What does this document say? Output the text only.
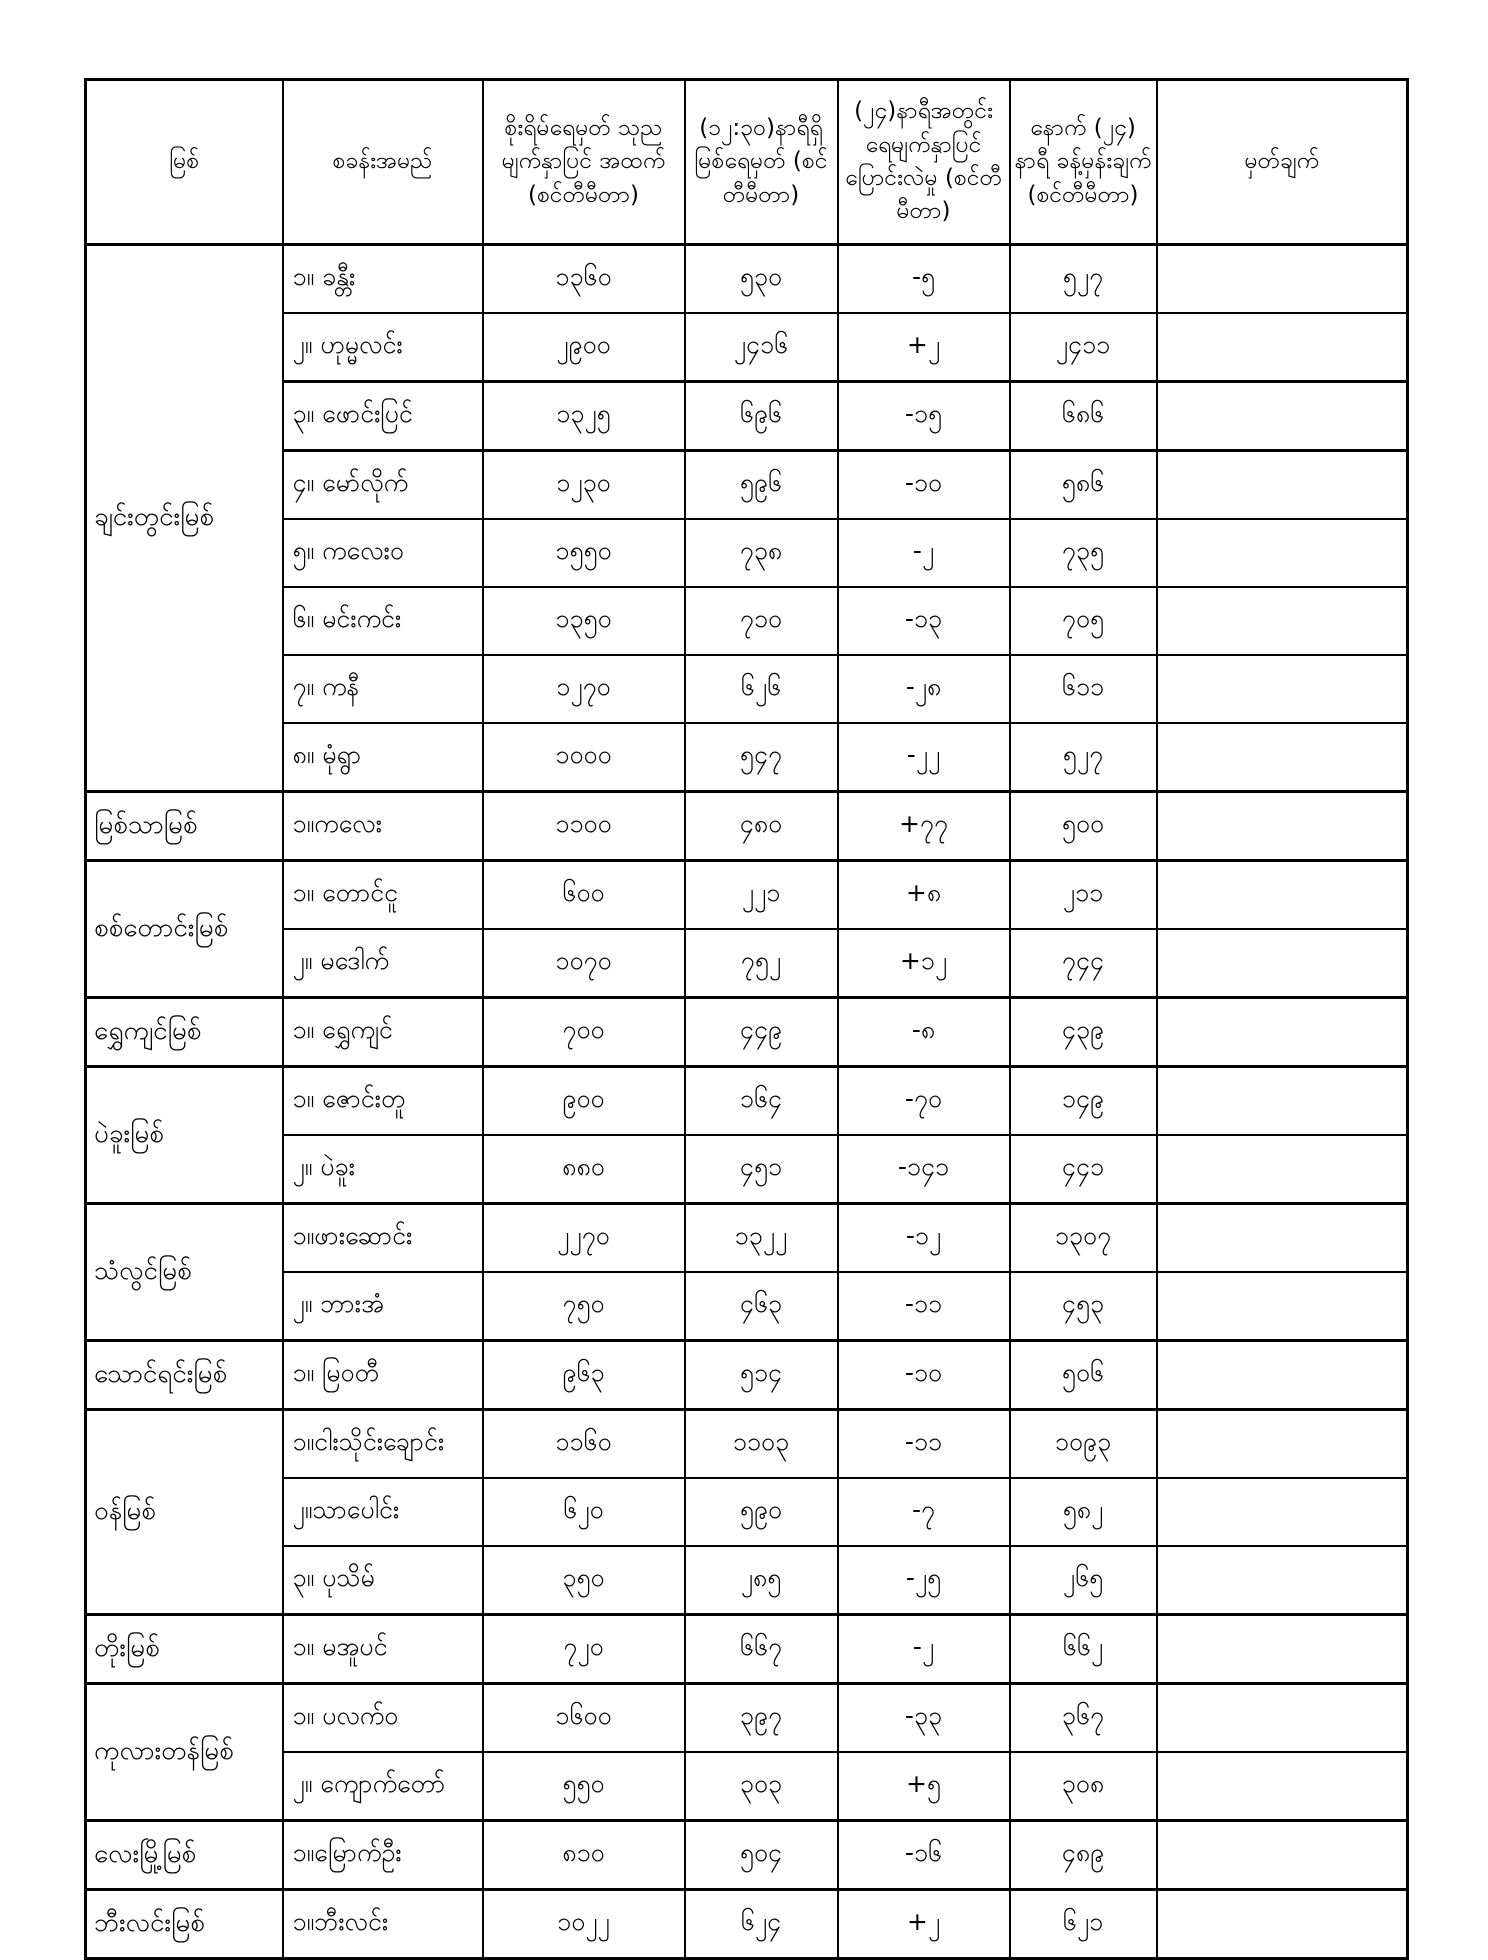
မြစ်	စခန်းအမည်	စိုးရိမ်ရေမှတ် သုညမျက်နှာပြင် အထက် (စင်တီမီတာ)	(၁၂:၃၀)နာရီရှိ မြစ်ရေမှတ် (စင်တီမီတာ)	(၂၄)နာရီအတွင်း ရေမျက်နှာပြင် ပြောင်းလဲမှု (စင်တီမီတာ)	နောက် (၂၄) နာရီ ခန့်မှန်းချက် (စင်တီမီတာ)	မှတ်ချက်
ချင်းတွင်းမြစ်	၁။ ခန္တီး	၁၃၆၀	၅၃၀	-၅	၅၂၇	
	၂။ ဟုမ္မလင်း	၂၉၀၀	၂၄၁၆	+၂	၂၄၁၁	
	၃။ ဖောင်းပြင်	၁၃၂၅	၆၉၆	-၁၅	၆၈၆	
	၄။ မော်လိုက်	၁၂၃၀	၅၉၆	-၁၀	၅၈၆	
	၅။ ကလေးဝ	၁၅၅၀	၇၃၈	-၂	၇၃၅	
	၆။ မင်းကင်း	၁၃၅၀	၇၁၀	-၁၃	၇၀၅	
	၇။ ကနီ	၁၂၇၀	၆၂၆	-၂၈	၆၁၁	
	၈။ မုံရွာ	၁၀၀၀	၅၄၇	-၂၂	၅၂၇	
မြစ်သာမြစ်	၁။ကလေး	၁၁၀၀	၄၈၀	+၇၇	၅၀၀	
စစ်တောင်းမြစ်	၁။ တောင်ငူ	၆၀၀	၂၂၁	+၈	၂၁၁	
	၂။ မဒေါက်	၁၀၇၀	၇၅၂	+၁၂	၇၄၄	
ရွှေကျင်မြစ်	၁။ ရွှေကျင်	၇၀၀	၄၄၉	-၈	၄၃၉	
ပဲခူးမြစ်	၁။ ဇောင်းတူ	၉၀၀	၁၆၄	-၇၀	၁၄၉	
	၂။ ပဲခူး	၈၈၀	၄၅၁	-၁၄၁	၄၄၁	
သံလွင်မြစ်	၁။ဖားဆောင်း	၂၂၇၀	၁၃၂၂	-၁၂	၁၃၀၇	
	၂။ ဘားအံ	၇၅၀	၄၆၃	-၁၁	၄၅၃	
သောင်ရင်းမြစ်	၁။ မြဝတီ	၉၆၃	၅၁၄	-၁၀	၅၀၆	
ဝန်မြစ်	၁။ငါးသိုင်းချောင်း	၁၁၆၀	၁၁၀၃	-၁၁	၁၀၉၃	
	၂။သာပေါင်း	၆၂၀	၅၉၀	-၇	၅၈၂	
	၃။ ပုသိမ်	၃၅၀	၂၈၅	-၂၅	၂၆၅	
တိုးမြစ်	၁။ မအူပင်	၇၂၀	၆၆၇	-၂	၆၆၂	
ကုလားတန်မြစ်	၁။ ပလက်ဝ	၁၆၀၀	၃၉၇	-၃၃	၃၆၇	
	၂။ ကျောက်တော်	၅၅၀	၃၀၃	+၅	၃၀၈	
လေးမြို့မြစ်	၁။မြောက်ဦး	၈၁၀	၅၀၄	-၁၆	၄၈၉	
ဘီးလင်းမြစ်	၁။ဘီးလင်း	၁၀၂၂	၆၂၄	+၂	၆၂၁	
